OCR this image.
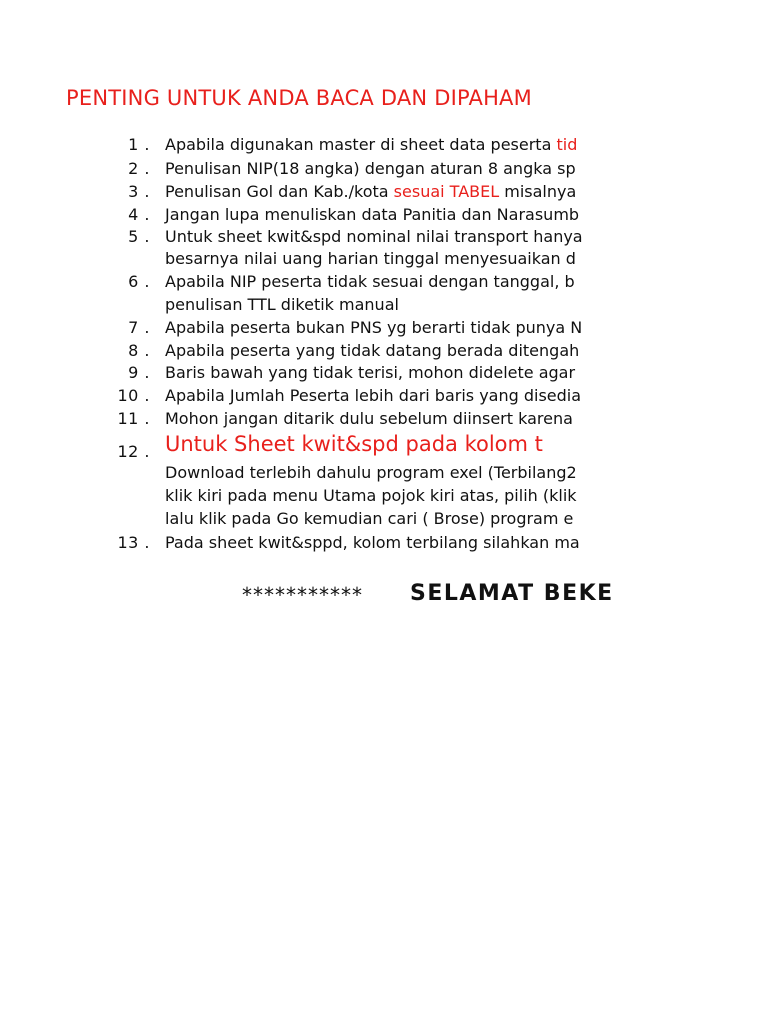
PENTING UNTUK ANDA BACA DAN DIPAHAM
1 . Apabila digunakan master di sheet data peserta tid
2 . Penulisan NIP(18 angka) dengan aturan 8 angka sp
3 . Penulisan Gol dan Kab./kota sesuai TABEL misalnya
4 . Jangan lupa menuliskan data Panitia dan Narasumb
5 . Untuk sheet kwit&spd nominal nilai transport hanya
besarnya nilai uang harian tinggal menyesuaikan d
6 . Apabila NIP peserta tidak sesuai dengan tanggal, b
penulisan TTL diketik manual
7 . Apabila peserta bukan PNS yg berarti tidak punya N
8 . Apabila peserta yang tidak datang berada ditengah
9 . Baris bawah yang tidak terisi, mohon didelete agar
10 . Apabila Jumlah Peserta lebih dari baris yang disedia
11 . Mohon jangan ditarik dulu sebelum diinsert karena
12 . Untuk Sheet kwit&spd pada kolom t
Download terlebih dahulu program exel (Terbilang2
klik kiri pada menu Utama pojok kiri atas, pilih (klik
lalu klik pada Go kemudian cari ( Brose) program e
13 . Pada sheet kwit&sppd, kolom terbilang silahkan ma
*********** SELAMAT BEKE
